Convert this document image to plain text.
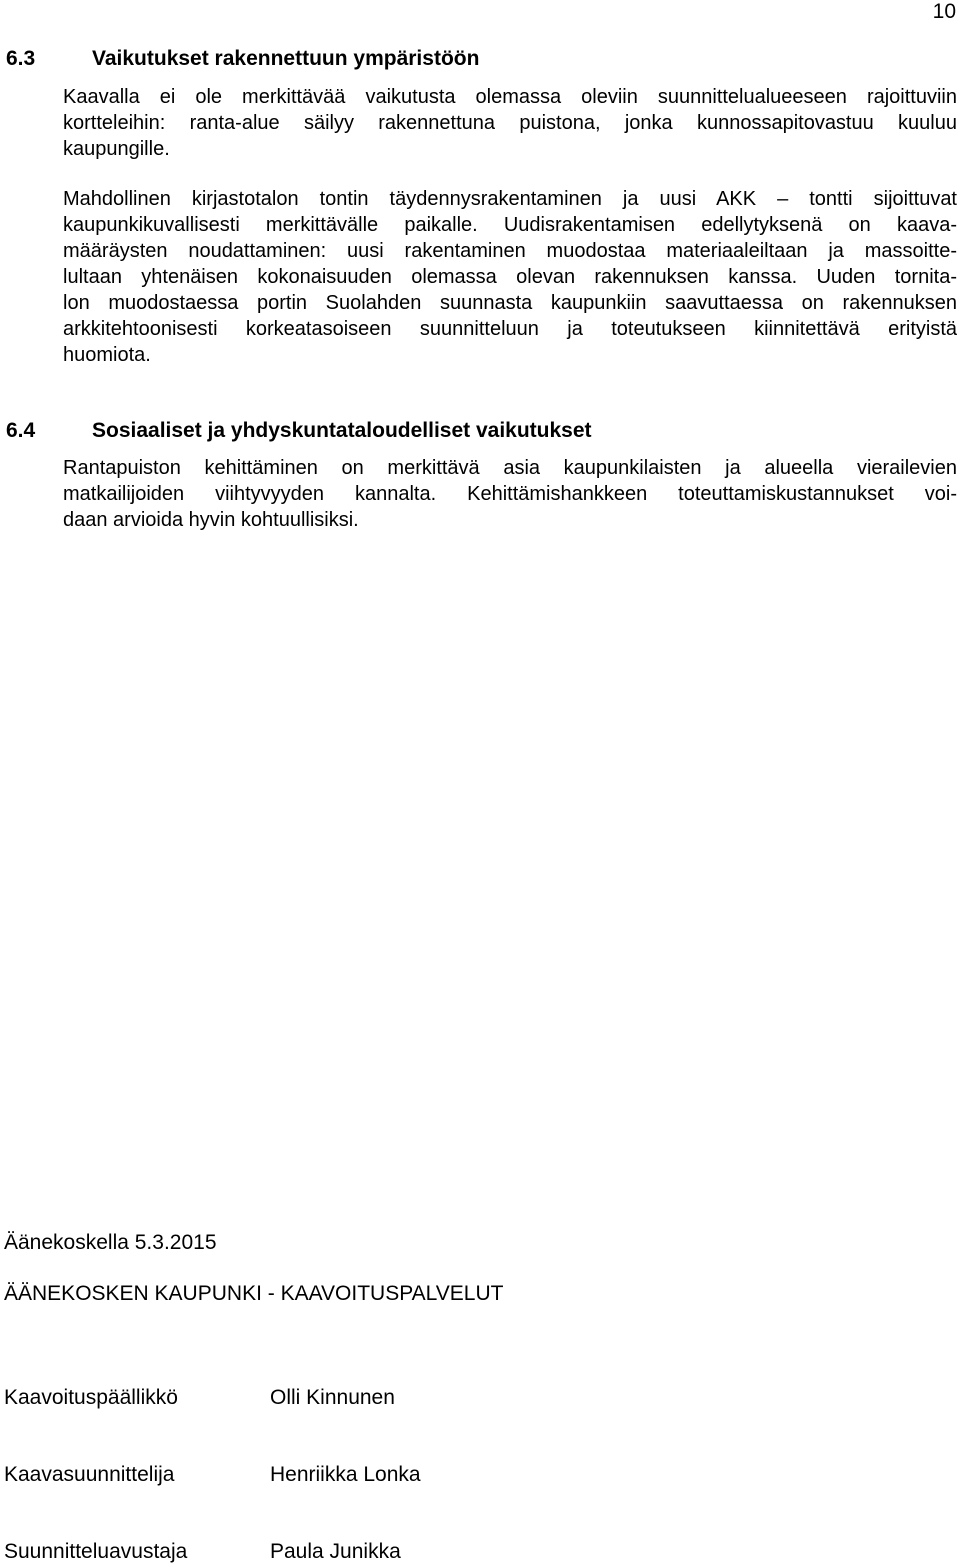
10
6.3	Vaikutukset rakennettuun ympäristöön
Kaavalla ei ole merkittävää vaikutusta olemassa oleviin suunnittelualueeseen rajoittuviin
kortteleihin: ranta-alue säilyy rakennettuna puistona, jonka kunnossapitovastuu kuuluu
kaupungille.
Mahdollinen kirjastotalon tontin täydennysrakentaminen ja uusi AKK – tontti sijoittuvat
kaupunkikuvallisesti merkittävälle paikalle. Uudisrakentamisen edellytyksenä on kaava-
määräysten noudattaminen: uusi rakentaminen muodostaa materiaaleiltaan ja massoitte-
lultaan yhtenäisen kokonaisuuden olemassa olevan rakennuksen kanssa. Uuden tornita-
lon muodostaessa portin Suolahden suunnasta kaupunkiin saavuttaessa on rakennuksen
arkkitehtoonisesti korkeatasoiseen suunnitteluun ja toteutukseen kiinnitettävä erityistä
huomiota.
6.4	Sosiaaliset ja yhdyskuntataloudelliset vaikutukset
Rantapuiston kehittäminen on merkittävä asia kaupunkilaisten ja alueella vierailevien
matkailijoiden viihtyvyyden kannalta. Kehittämishankkeen toteuttamiskustannukset voi-
daan arvioida hyvin kohtuullisiksi.
Äänekoskella 5.3.2015
ÄÄNEKOSKEN KAUPUNKI - KAAVOITUSPALVELUT
Kaavoituspäällikkö	Olli Kinnunen
Kaavasuunnittelija	Henriikka Lonka
Suunnitteluavustaja	Paula Junikka
